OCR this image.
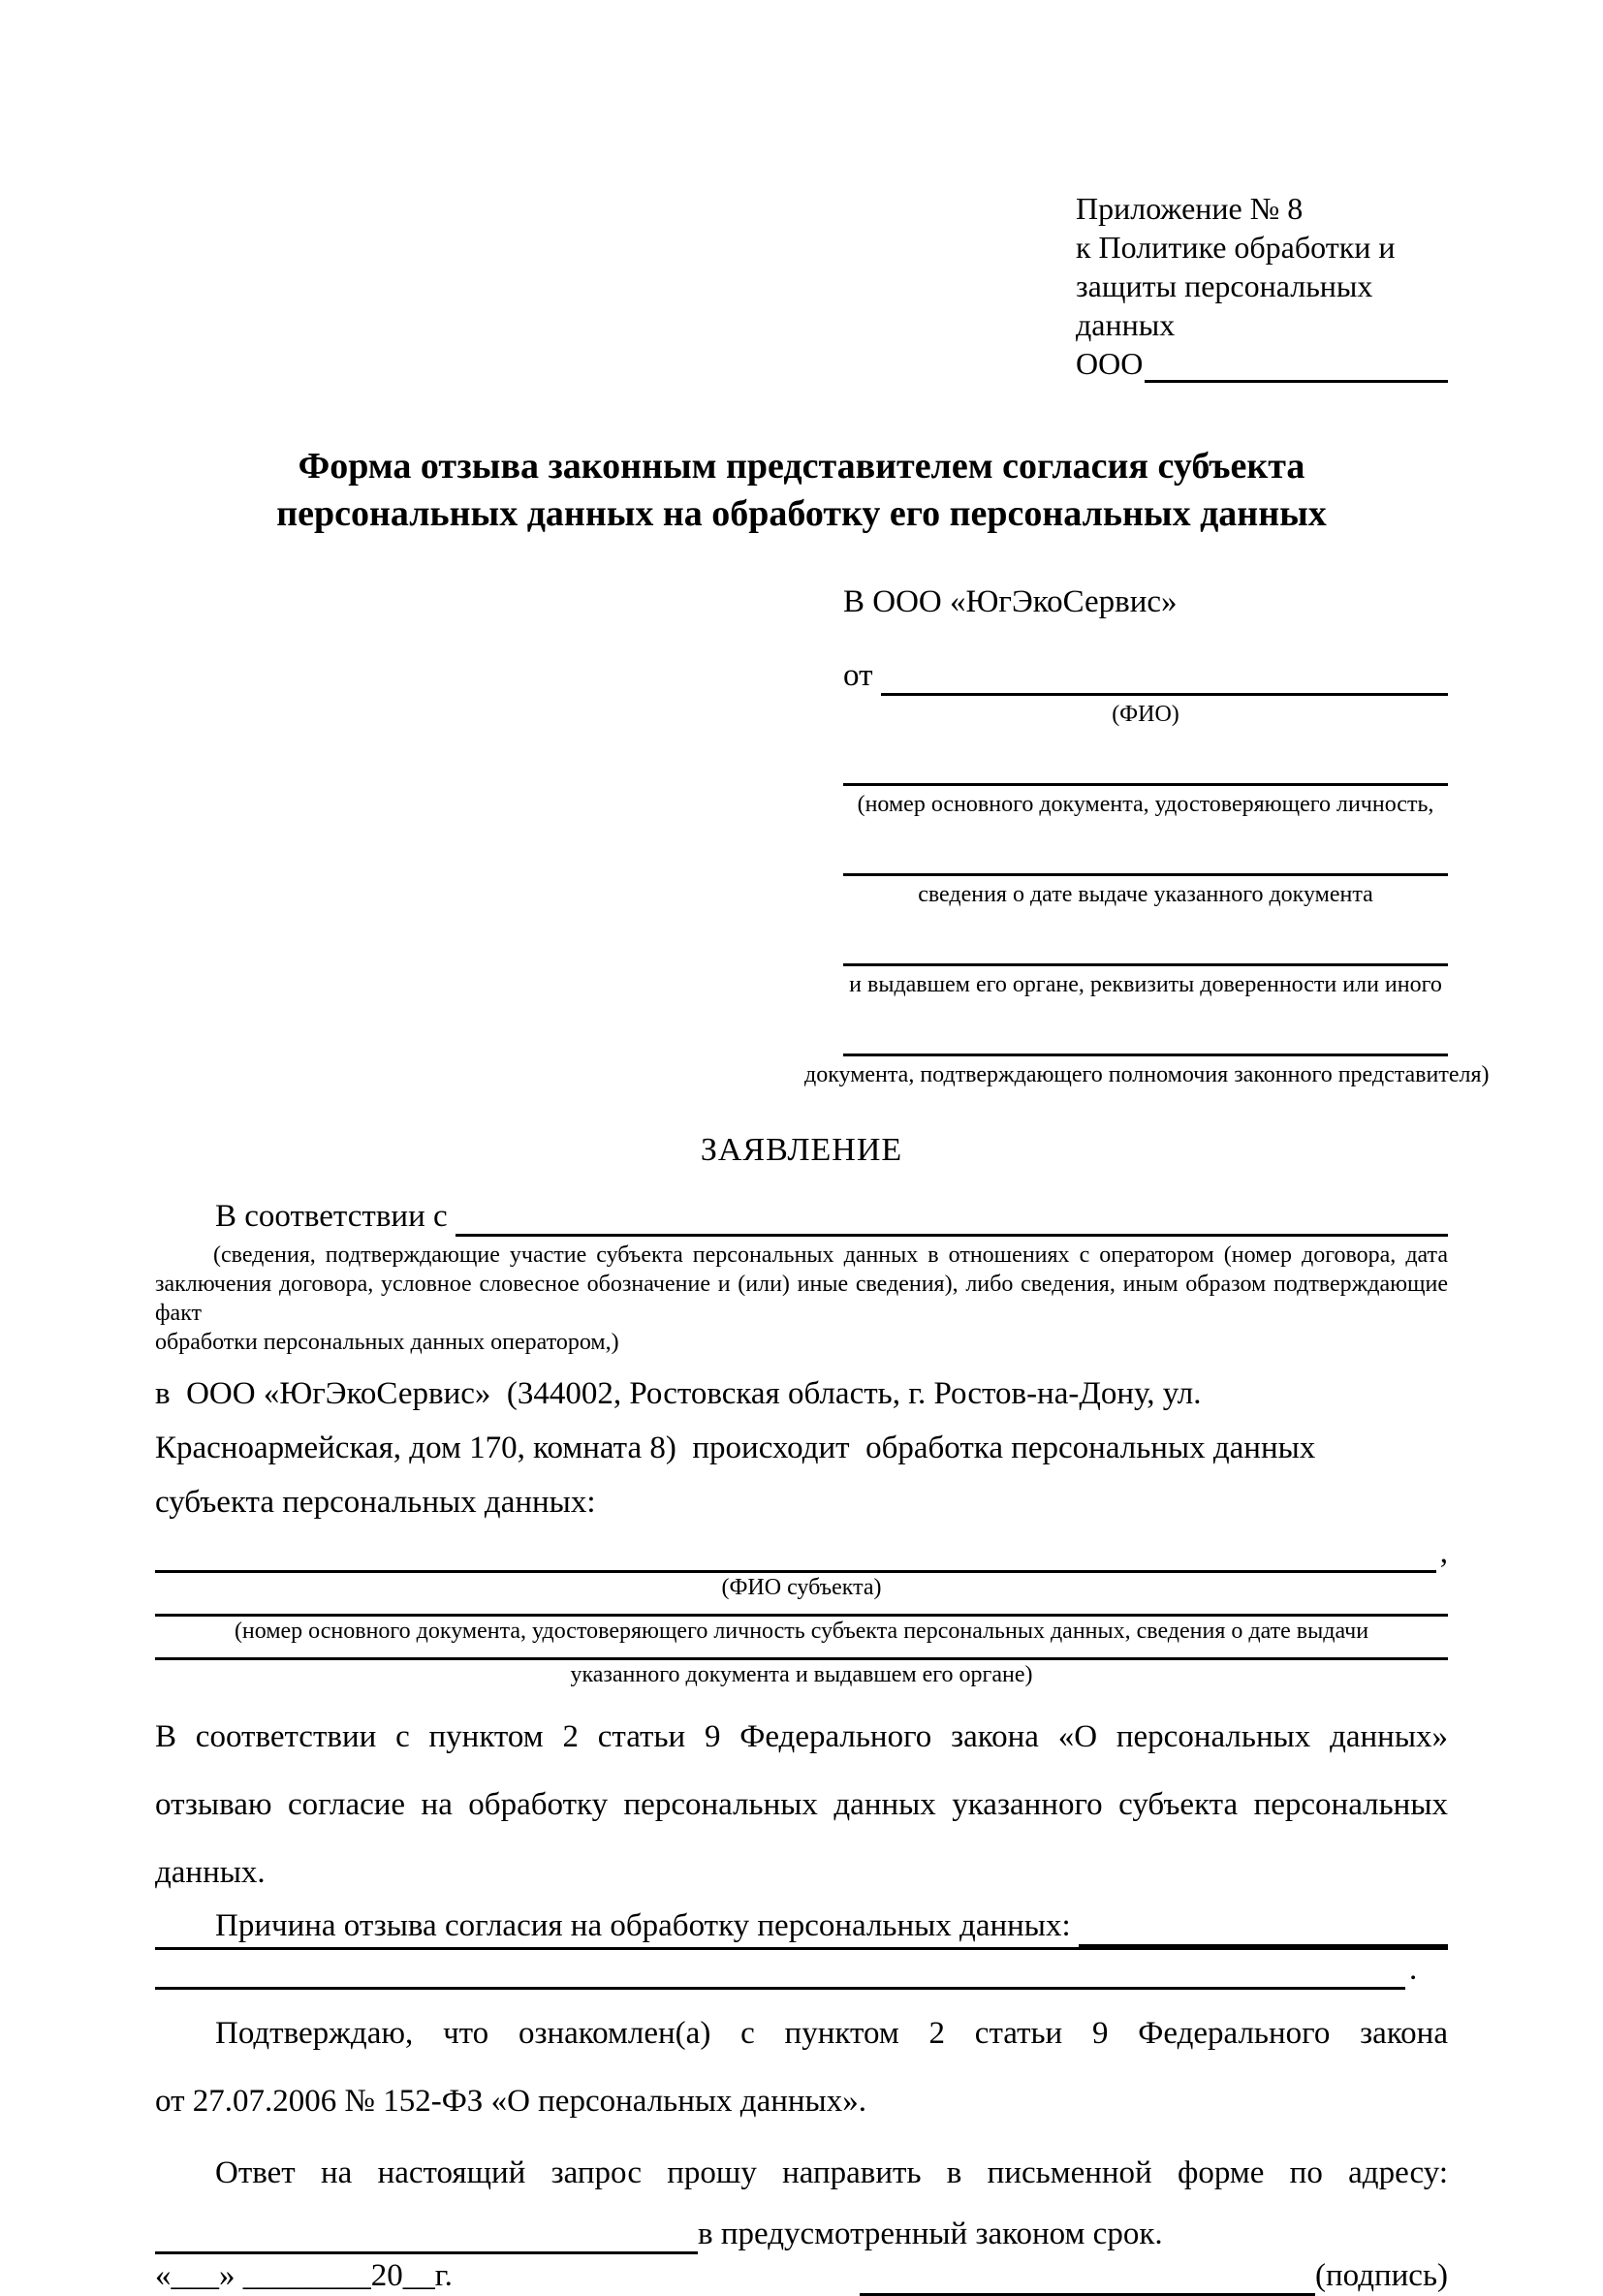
Приложение № 8
к Политике обработки и
защиты персональных данных
ООО
Форма отзыва законным представителем согласия субъекта
персональных данных на обработку его персональных данных
В ООО «ЮгЭкоСервис»
от
(ФИО)
(номер основного документа, удостоверяющего личность,
сведения о дате выдаче указанного документа
и выдавшем его органе, реквизиты доверенности или иного
документа, подтверждающего полномочия законного представителя)
ЗАЯВЛЕНИЕ
В соответствии с
(сведения, подтверждающие участие субъекта персональных данных в отношениях с оператором (номер договора, дата
заключения договора, условное словесное обозначение и (или) иные сведения), либо сведения, иным образом подтверждающие факт
обработки персональных данных оператором,)
в  ООО «ЮгЭкоСервис»  (344002, Ростовская область, г. Ростов-на-Дону, ул.
Красноармейская, дом 170, комната 8)  происходит  обработка персональных данных
субъекта персональных данных:
,
(ФИО субъекта)
(номер основного документа, удостоверяющего личность субъекта персональных данных, сведения о дате выдачи
указанного документа и выдавшем его органе)
В соответствии с пунктом 2 статьи 9 Федерального закона «О персональных данных»
отзываю согласие на обработку персональных данных указанного субъекта персональных
данных.
Причина отзыва согласия на обработку персональных данных:
.
Подтверждаю, что ознакомлен(а) с пунктом 2 статьи 9 Федерального закона
от 27.07.2006 № 152-ФЗ «О персональных данных».
Ответ на настоящий запрос прошу направить в письменной форме по адресу:
в предусмотренный законом срок.
«___» ________20__г.	(подпись)
